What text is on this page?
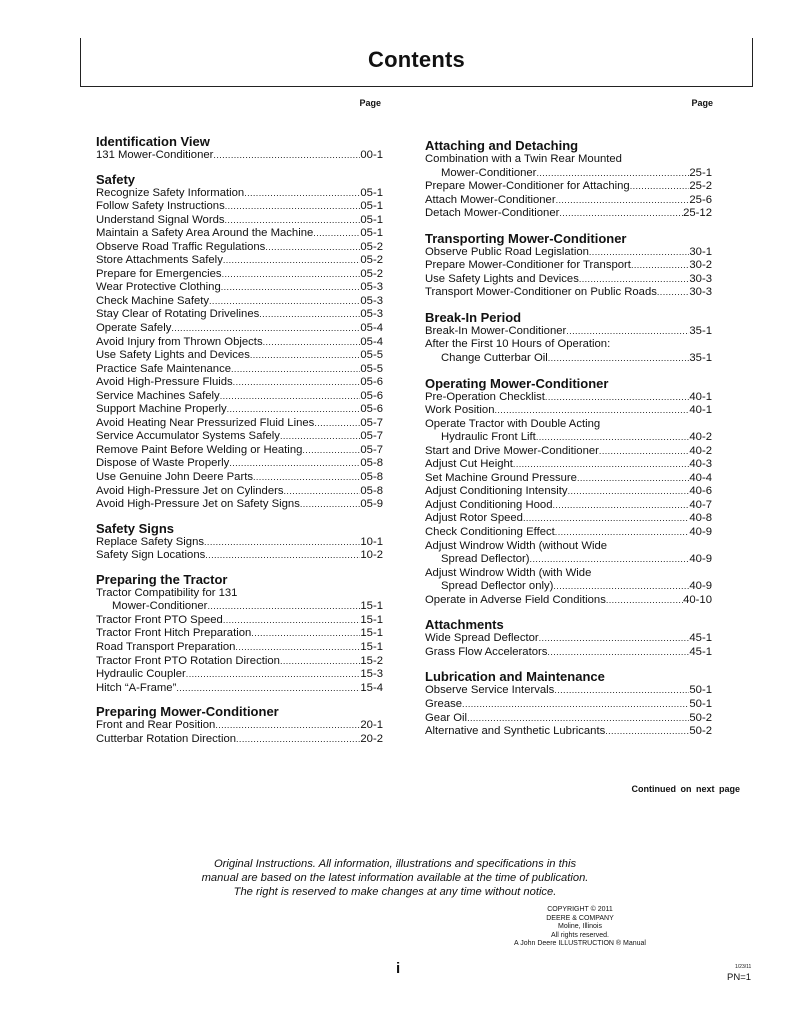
Contents
Page
Identification View
131 Mower-Conditioner .....	00-1
Safety
Recognize Safety Information .....	05-1
Follow Safety Instructions .....	05-1
Understand Signal Words .....	05-1
Maintain a Safety Area Around the Machine .....	05-1
Observe Road Traffic Regulations .....	05-2
Store Attachments Safely .....	05-2
Prepare for Emergencies .....	05-2
Wear Protective Clothing .....	05-3
Check Machine Safety .....	05-3
Stay Clear of Rotating Drivelines .....	05-3
Operate Safely .....	05-4
Avoid Injury from Thrown Objects .....	05-4
Use Safety Lights and Devices .....	05-5
Practice Safe Maintenance .....	05-5
Avoid High-Pressure Fluids .....	05-6
Service Machines Safely .....	05-6
Support Machine Properly .....	05-6
Avoid Heating Near Pressurized Fluid Lines .....	05-7
Service Accumulator Systems Safely .....	05-7
Remove Paint Before Welding or Heating .....	05-7
Dispose of Waste Properly .....	05-8
Use Genuine John Deere Parts .....	05-8
Avoid High-Pressure Jet on Cylinders .....	05-8
Avoid High-Pressure Jet on Safety Signs .....	05-9
Safety Signs
Replace Safety Signs .....	10-1
Safety Sign Locations .....	10-2
Preparing the Tractor
Tractor Compatibility for 131
Mower-Conditioner .....	15-1
Tractor Front PTO Speed .....	15-1
Tractor Front Hitch Preparation .....	15-1
Road Transport Preparation .....	15-1
Tractor Front PTO Rotation Direction .....	15-2
Hydraulic Coupler .....	15-3
Hitch “A-Frame” .....	15-4
Preparing Mower-Conditioner
Front and Rear Position .....	20-1
Cutterbar Rotation Direction .....	20-2
Page
Attaching and Detaching
Combination with a Twin Rear Mounted
Mower-Conditioner .....	25-1
Prepare Mower-Conditioner for Attaching .....	25-2
Attach Mower-Conditioner .....	25-6
Detach Mower-Conditioner .....	25-12
Transporting Mower-Conditioner
Observe Public Road Legislation .....	30-1
Prepare Mower-Conditioner for Transport .....	30-2
Use Safety Lights and Devices .....	30-3
Transport Mower-Conditioner on Public Roads .....	30-3
Break-In Period
Break-In Mower-Conditioner .....	35-1
After the First 10 Hours of Operation:
Change Cutterbar Oil .....	35-1
Operating Mower-Conditioner
Pre-Operation Checklist .....	40-1
Work Position .....	40-1
Operate Tractor with Double Acting
Hydraulic Front Lift .....	40-2
Start and Drive Mower-Conditioner .....	40-2
Adjust Cut Height .....	40-3
Set Machine Ground Pressure .....	40-4
Adjust Conditioning Intensity .....	40-6
Adjust Conditioning Hood .....	40-7
Adjust Rotor Speed .....	40-8
Check Conditioning Effect .....	40-9
Adjust Windrow Width (without Wide
Spread Deflector) .....	40-9
Adjust Windrow Width (with Wide
Spread Deflector only) .....	40-9
Operate in Adverse Field Conditions .....	40-10
Attachments
Wide Spread Deflector .....	45-1
Grass Flow Accelerators .....	45-1
Lubrication and Maintenance
Observe Service Intervals .....	50-1
Grease .....	50-1
Gear Oil .....	50-2
Alternative and Synthetic Lubricants .....	50-2
Continued on next page
Original Instructions. All information, illustrations and specifications in this
manual are based on the latest information available at the time of publication.
The right is reserved to make changes at any time without notice.
COPYRIGHT © 2011
DEERE & COMPANY
Moline, Illinois
All rights reserved.
A John Deere ILLUSTRUCTION ® Manual
i	1/23/11
PN=1
